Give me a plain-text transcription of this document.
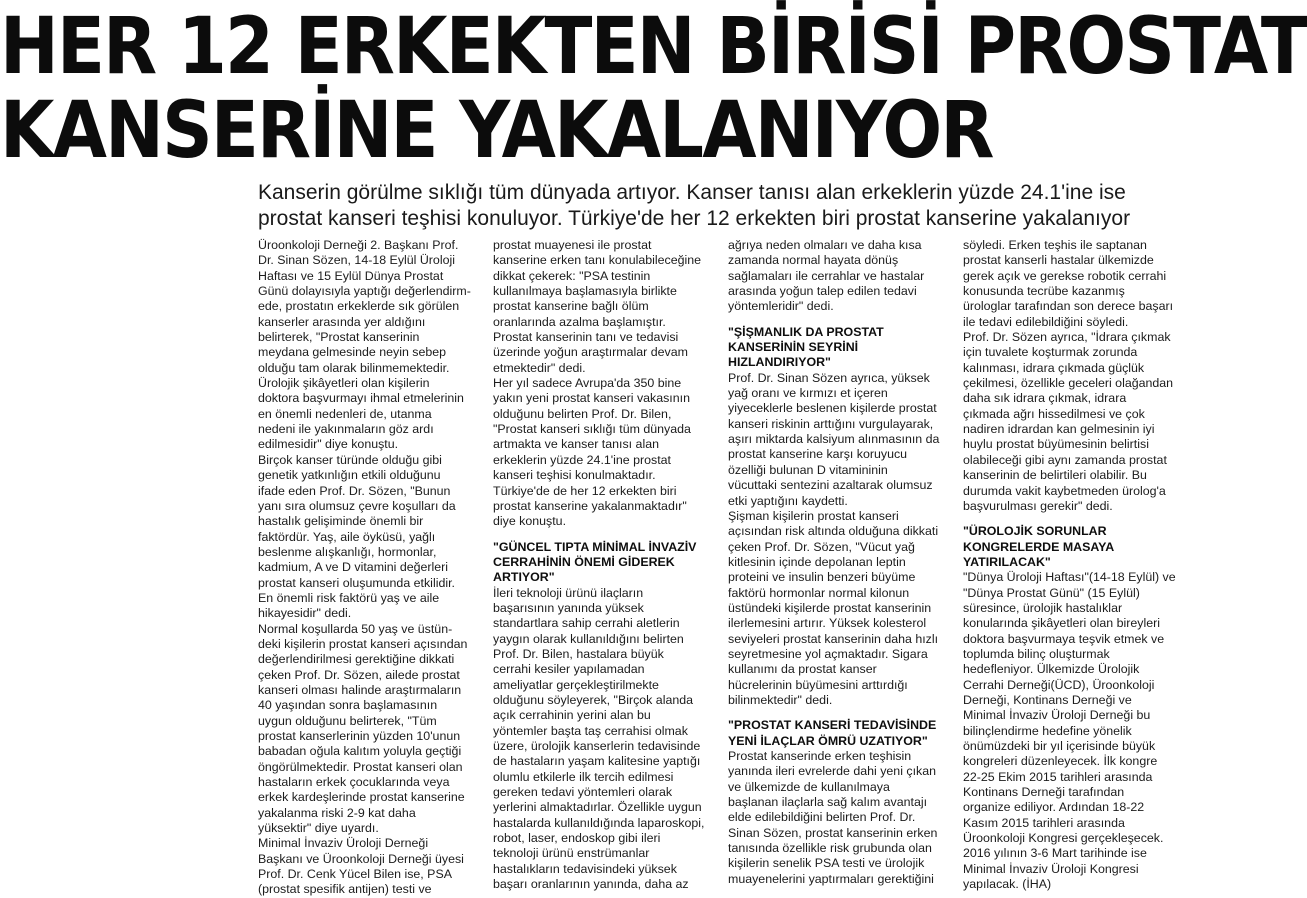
HER 12 ERKEKTEN BİRİSİ PROSTAT
KANSERİNE YAKALANIYOR
Kanserin görülme sıklığı tüm dünyada artıyor. Kanser tanısı alan erkeklerin yüzde 24.1'ine ise
prostat kanseri teşhisi konuluyor. Türkiye'de her 12 erkekten biri prostat kanserine yakalanıyor
Üroonkoloji Derneği 2. Başkanı Prof.
Dr. Sinan Sözen, 14-18 Eylül Üroloji
Haftası ve 15 Eylül Dünya Prostat
Günü dolayısıyla yaptığı değerlendirm-
ede, prostatın erkeklerde sık görülen
kanserler arasında yer aldığını
belirterek, "Prostat kanserinin
meydana gelmesinde neyin sebep
olduğu tam olarak bilinmemektedir.
Ürolojik şikâyetleri olan kişilerin
doktora başvurmayı ihmal etmelerinin
en önemli nedenleri de, utanma
nedeni ile yakınmaların göz ardı
edilmesidir" diye konuştu.
Birçok kanser türünde olduğu gibi
genetik yatkınlığın etkili olduğunu
ifade eden Prof. Dr. Sözen, "Bunun
yanı sıra olumsuz çevre koşulları da
hastalık gelişiminde önemli bir
faktördür. Yaş, aile öyküsü, yağlı
beslenme alışkanlığı, hormonlar,
kadmium, A ve D vitamini değerleri
prostat kanseri oluşumunda etkilidir.
En önemli risk faktörü yaş ve aile
hikayesidir" dedi.
Normal koşullarda 50 yaş ve üstün-
deki kişilerin prostat kanseri açısından
değerlendirilmesi gerektiğine dikkati
çeken Prof. Dr. Sözen, ailede prostat
kanseri olması halinde araştırmaların
40 yaşından sonra başlamasının
uygun olduğunu belirterek, "Tüm
prostat kanserlerinin yüzden 10'unun
babadan oğula kalıtım yoluyla geçtiği
öngörülmektedir. Prostat kanseri olan
hastaların erkek çocuklarında veya
erkek kardeşlerinde prostat kanserine
yakalanma riski 2-9 kat daha
yüksektir" diye uyardı.
Minimal İnvaziv Üroloji Derneği
Başkanı ve Üroonkoloji Derneği üyesi
Prof. Dr. Cenk Yücel Bilen ise, PSA
(prostat spesifik antijen) testi ve
prostat muayenesi ile prostat
kanserine erken tanı konulabileceğine
dikkat çekerek: "PSA testinin
kullanılmaya başlamasıyla birlikte
prostat kanserine bağlı ölüm
oranlarında azalma başlamıştır.
Prostat kanserinin tanı ve tedavisi
üzerinde yoğun araştırmalar devam
etmektedir" dedi.
Her yıl sadece Avrupa'da 350 bine
yakın yeni prostat kanseri vakasının
olduğunu belirten Prof. Dr. Bilen,
"Prostat kanseri sıklığı tüm dünyada
artmakta ve kanser tanısı alan
erkeklerin yüzde 24.1'ine prostat
kanseri teşhisi konulmaktadır.
Türkiye'de de her 12 erkekten biri
prostat kanserine yakalanmaktadır"
diye konuştu.
"GÜNCEL TIPTA MİNİMAL İNVAZİV
CERRAHİNİN ÖNEMİ GİDEREK
ARTIYOR"
İleri teknoloji ürünü ilaçların
başarısının yanında yüksek
standartlara sahip cerrahi aletlerin
yaygın olarak kullanıldığını belirten
Prof. Dr. Bilen, hastalara büyük
cerrahi kesiler yapılamadan
ameliyatlar gerçekleştirilmekte
olduğunu söyleyerek, "Birçok alanda
açık cerrahinin yerini alan bu
yöntemler başta taş cerrahisi olmak
üzere, ürolojik kanserlerin tedavisinde
de hastaların yaşam kalitesine yaptığı
olumlu etkilerle ilk tercih edilmesi
gereken tedavi yöntemleri olarak
yerlerini almaktadırlar. Özellikle uygun
hastalarda kullanıldığında laparoskopi,
robot, laser, endoskop gibi ileri
teknoloji ürünü enstrümanlar
hastalıkların tedavisindeki yüksek
başarı oranlarının yanında, daha az
ağrıya neden olmaları ve daha kısa
zamanda normal hayata dönüş
sağlamaları ile cerrahlar ve hastalar
arasında yoğun talep edilen tedavi
yöntemleridir" dedi.
"ŞİŞMANLIK DA PROSTAT
KANSERİNİN SEYRİNİ
HIZLANDIRIYOR"
Prof. Dr. Sinan Sözen ayrıca, yüksek
yağ oranı ve kırmızı et içeren
yiyeceklerle beslenen kişilerde prostat
kanseri riskinin arttığını vurgulayarak,
aşırı miktarda kalsiyum alınmasının da
prostat kanserine karşı koruyucu
özelliği bulunan D vitamininin
vücuttaki sentezini azaltarak olumsuz
etki yaptığını kaydetti.
Şişman kişilerin prostat kanseri
açısından risk altında olduğuna dikkati
çeken Prof. Dr. Sözen, "Vücut yağ
kitlesinin içinde depolanan leptin
proteini ve insulin benzeri büyüme
faktörü hormonlar normal kilonun
üstündeki kişilerde prostat kanserinin
ilerlemesini artırır. Yüksek kolesterol
seviyeleri prostat kanserinin daha hızlı
seyretmesine yol açmaktadır. Sigara
kullanımı da prostat kanser
hücrelerinin büyümesini arttırdığı
bilinmektedir" dedi.
"PROSTAT KANSERİ TEDAVİSİNDE
YENİ İLAÇLAR ÖMRÜ UZATIYOR"
Prostat kanserinde erken teşhisin
yanında ileri evrelerde dahi yeni çıkan
ve ülkemizde de kullanılmaya
başlanan ilaçlarla sağ kalım avantajı
elde edilebildiğini belirten Prof. Dr.
Sinan Sözen, prostat kanserinin erken
tanısında özellikle risk grubunda olan
kişilerin senelik PSA testi ve ürolojik
muayenelerini yaptırmaları gerektiğini
söyledi. Erken teşhis ile saptanan
prostat kanserli hastalar ülkemizde
gerek açık ve gerekse robotik cerrahi
konusunda tecrübe kazanmış
ürologlar tarafından son derece başarı
ile tedavi edilebildiğini söyledi.
Prof. Dr. Sözen ayrıca, "İdrara çıkmak
için tuvalete koşturmak zorunda
kalınması, idrara çıkmada güçlük
çekilmesi, özellikle geceleri olağandan
daha sık idrara çıkmak, idrara
çıkmada ağrı hissedilmesi ve çok
nadiren idrardan kan gelmesinin iyi
huylu prostat büyümesinin belirtisi
olabileceği gibi aynı zamanda prostat
kanserinin de belirtileri olabilir. Bu
durumda vakit kaybetmeden ürolog'a
başvurulması gerekir" dedi.
"ÜROLOJİK SORUNLAR
KONGRELERDE MASAYA
YATIRILACAK"
"Dünya Üroloji Haftası"(14-18 Eylül) ve
"Dünya Prostat Günü" (15 Eylül)
süresince, ürolojik hastalıklar
konularında şikâyetleri olan bireyleri
doktora başvurmaya teşvik etmek ve
toplumda bilinç oluşturmak
hedefleniyor. Ülkemizde Ürolojik
Cerrahi Derneği(ÜCD), Üroonkoloji
Derneği, Kontinans Derneği ve
Minimal İnvaziv Üroloji Derneği bu
bilinçlendirme hedefine yönelik
önümüzdeki bir yıl içerisinde büyük
kongreleri düzenleyecek. İlk kongre
22-25 Ekim 2015 tarihleri arasında
Kontinans Derneği tarafından
organize ediliyor. Ardından 18-22
Kasım 2015 tarihleri arasında
Üroonkoloji Kongresi gerçekleşecek.
2016 yılının 3-6 Mart tarihinde ise
Minimal İnvaziv Üroloji Kongresi
yapılacak. (İHA)
